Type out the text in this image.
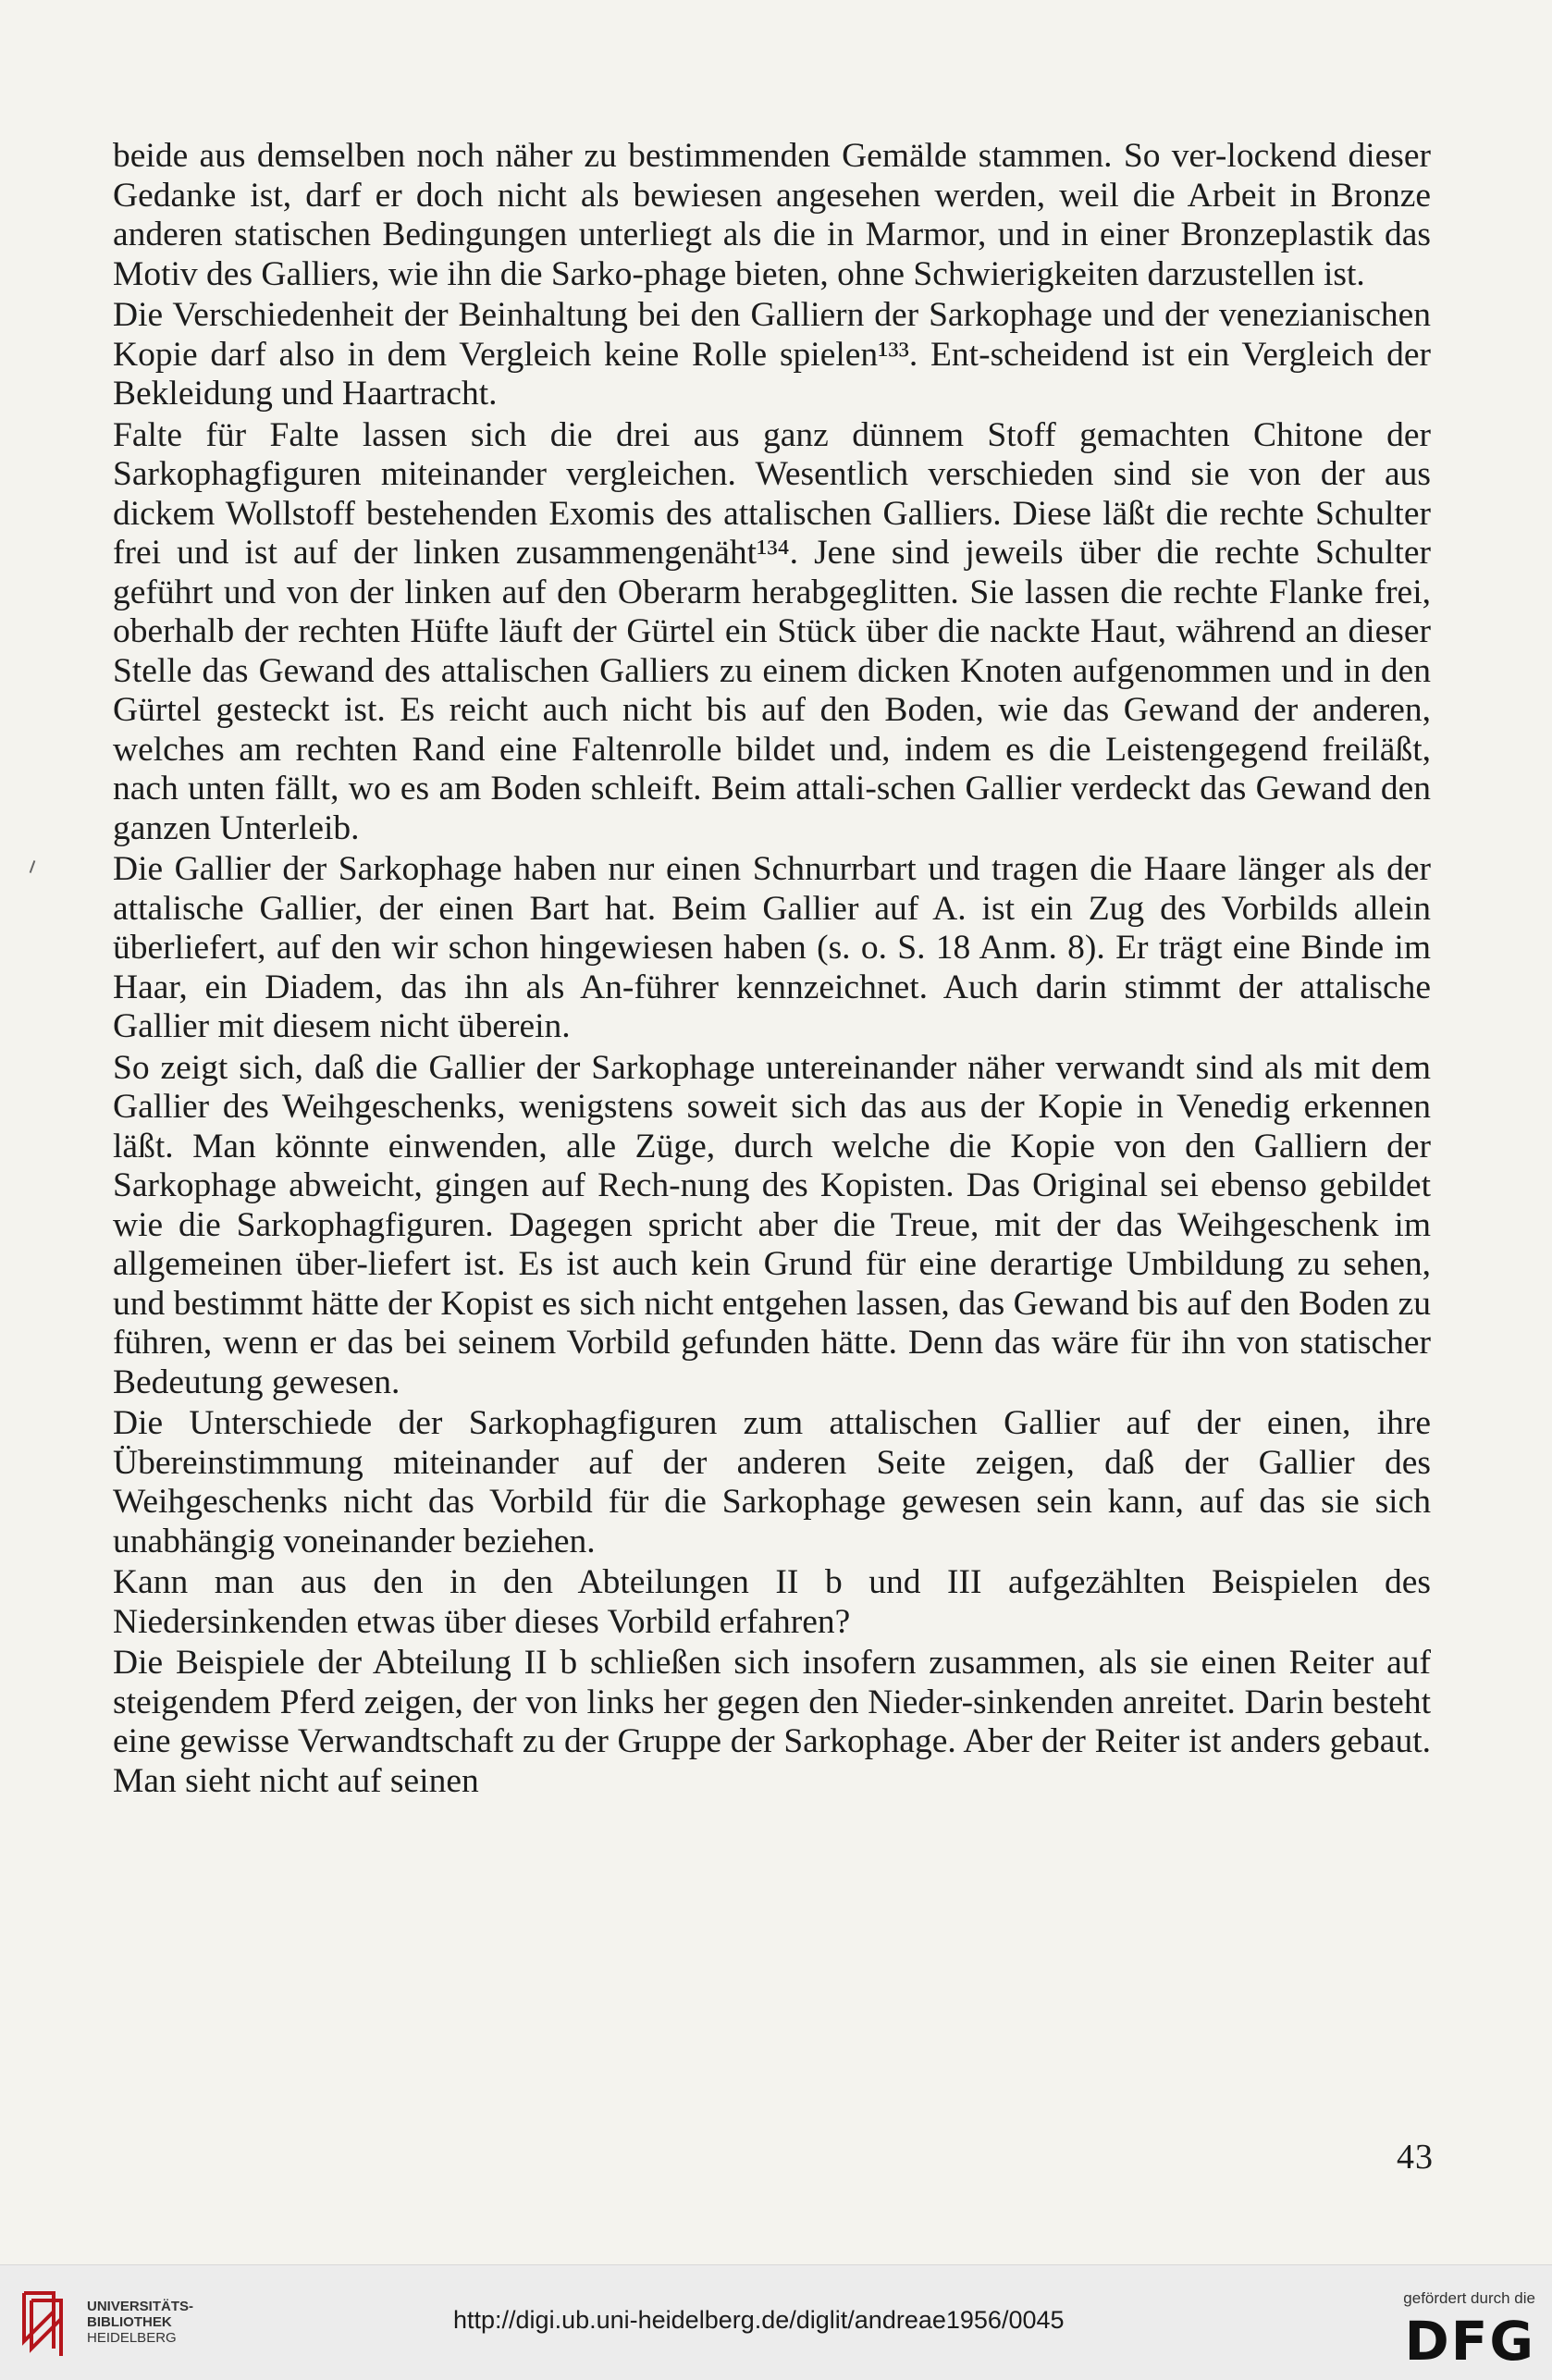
beide aus demselben noch näher zu bestimmenden Gemälde stammen. So ver-lockend dieser Gedanke ist, darf er doch nicht als bewiesen angesehen werden, weil die Arbeit in Bronze anderen statischen Bedingungen unterliegt als die in Marmor, und in einer Bronzeplastik das Motiv des Galliers, wie ihn die Sarko-phage bieten, ohne Schwierigkeiten darzustellen ist.

Die Verschiedenheit der Beinhaltung bei den Galliern der Sarkophage und der venezianischen Kopie darf also in dem Vergleich keine Rolle spielen¹³³. Ent-scheidend ist ein Vergleich der Bekleidung und Haartracht.

Falte für Falte lassen sich die drei aus ganz dünnem Stoff gemachten Chitone der Sarkophagfiguren miteinander vergleichen. Wesentlich verschieden sind sie von der aus dickem Wollstoff bestehenden Exomis des attalischen Galliers. Diese läßt die rechte Schulter frei und ist auf der linken zusammengenäht¹³⁴. Jene sind jeweils über die rechte Schulter geführt und von der linken auf den Oberarm herabgeglitten. Sie lassen die rechte Flanke frei, oberhalb der rechten Hüfte läuft der Gürtel ein Stück über die nackte Haut, während an dieser Stelle das Gewand des attalischen Galliers zu einem dicken Knoten aufgenommen und in den Gürtel gesteckt ist. Es reicht auch nicht bis auf den Boden, wie das Gewand der anderen, welches am rechten Rand eine Faltenrolle bildet und, indem es die Leistengegend freiläßt, nach unten fällt, wo es am Boden schleift. Beim attali-schen Gallier verdeckt das Gewand den ganzen Unterleib.

Die Gallier der Sarkophage haben nur einen Schnurrbart und tragen die Haare länger als der attalische Gallier, der einen Bart hat. Beim Gallier auf A. ist ein Zug des Vorbilds allein überliefert, auf den wir schon hingewiesen haben (s. o. S. 18 Anm. 8). Er trägt eine Binde im Haar, ein Diadem, das ihn als An-führer kennzeichnet. Auch darin stimmt der attalische Gallier mit diesem nicht überein.

So zeigt sich, daß die Gallier der Sarkophage untereinander näher verwandt sind als mit dem Gallier des Weihgeschenks, wenigstens soweit sich das aus der Kopie in Venedig erkennen läßt. Man könnte einwenden, alle Züge, durch welche die Kopie von den Galliern der Sarkophage abweicht, gingen auf Rech-nung des Kopisten. Das Original sei ebenso gebildet wie die Sarkophagfiguren. Dagegen spricht aber die Treue, mit der das Weihgeschenk im allgemeinen über-liefert ist. Es ist auch kein Grund für eine derartige Umbildung zu sehen, und bestimmt hätte der Kopist es sich nicht entgehen lassen, das Gewand bis auf den Boden zu führen, wenn er das bei seinem Vorbild gefunden hätte. Denn das wäre für ihn von statischer Bedeutung gewesen.

Die Unterschiede der Sarkophagfiguren zum attalischen Gallier auf der einen, ihre Übereinstimmung miteinander auf der anderen Seite zeigen, daß der Gallier des Weihgeschenks nicht das Vorbild für die Sarkophage gewesen sein kann, auf das sie sich unabhängig voneinander beziehen.

Kann man aus den in den Abteilungen II b und III aufgezählten Beispielen des Niedersinkenden etwas über dieses Vorbild erfahren?

Die Beispiele der Abteilung II b schließen sich insofern zusammen, als sie einen Reiter auf steigendem Pferd zeigen, der von links her gegen den Nieder-sinkenden anreitet. Darin besteht eine gewisse Verwandtschaft zu der Gruppe der Sarkophage. Aber der Reiter ist anders gebaut. Man sieht nicht auf seinen

43
UNIVERSITÄTS-
BIBLIOTHEK
HEIDELBERG
http://digi.ub.uni-heidelberg.de/diglit/andreae1956/0045
gefördert durch die
DFG
